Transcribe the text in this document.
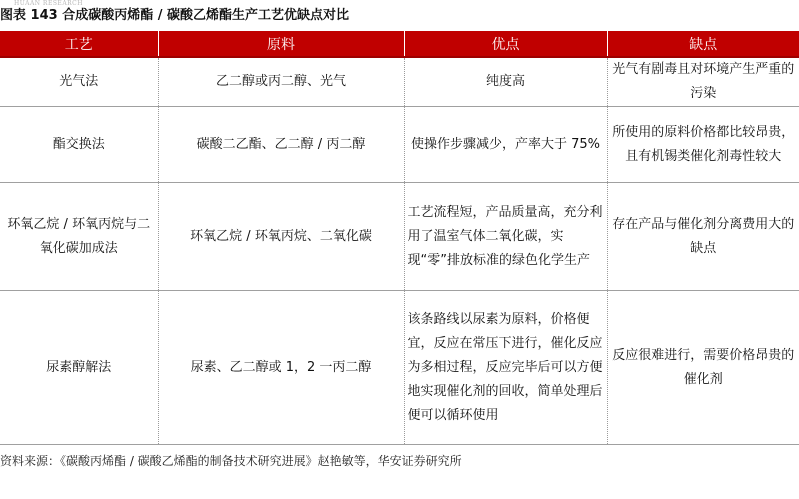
HUAAN RESEARCH
图表 143 合成碳酸丙烯酯 / 碳酸乙烯酯生产工艺优缺点对比
工艺	原料	优点	缺点
光气法	乙二醇或丙二醇、光气	纯度高	光气有剧毒且对环境产生严重的污染
酯交换法	碳酸二乙酯、乙二醇 / 丙二醇	使操作步骤减少，产率大于 75%	所使用的原料价格都比较昂贵，且有机锡类催化剂毒性较大
环氧乙烷 / 环氧丙烷与二氧化碳加成法	环氧乙烷 / 环氧丙烷、二氧化碳	工艺流程短，产品质量高，充分利用了温室气体二氧化碳，实现“零”排放标准的绿色化学生产	存在产品与催化剂分离费用大的缺点
尿素醇解法	尿素、乙二醇或 1，2 一丙二醇	该条路线以尿素为原料，价格便宜，反应在常压下进行，催化反应为多相过程，反应完毕后可以方便地实现催化剂的回收，简单处理后便可以循环使用	反应很难进行，需要价格昂贵的催化剂
资料来源：《碳酸丙烯酯 / 碳酸乙烯酯的制备技术研究进展》赵艳敏等，华安证券研究所
